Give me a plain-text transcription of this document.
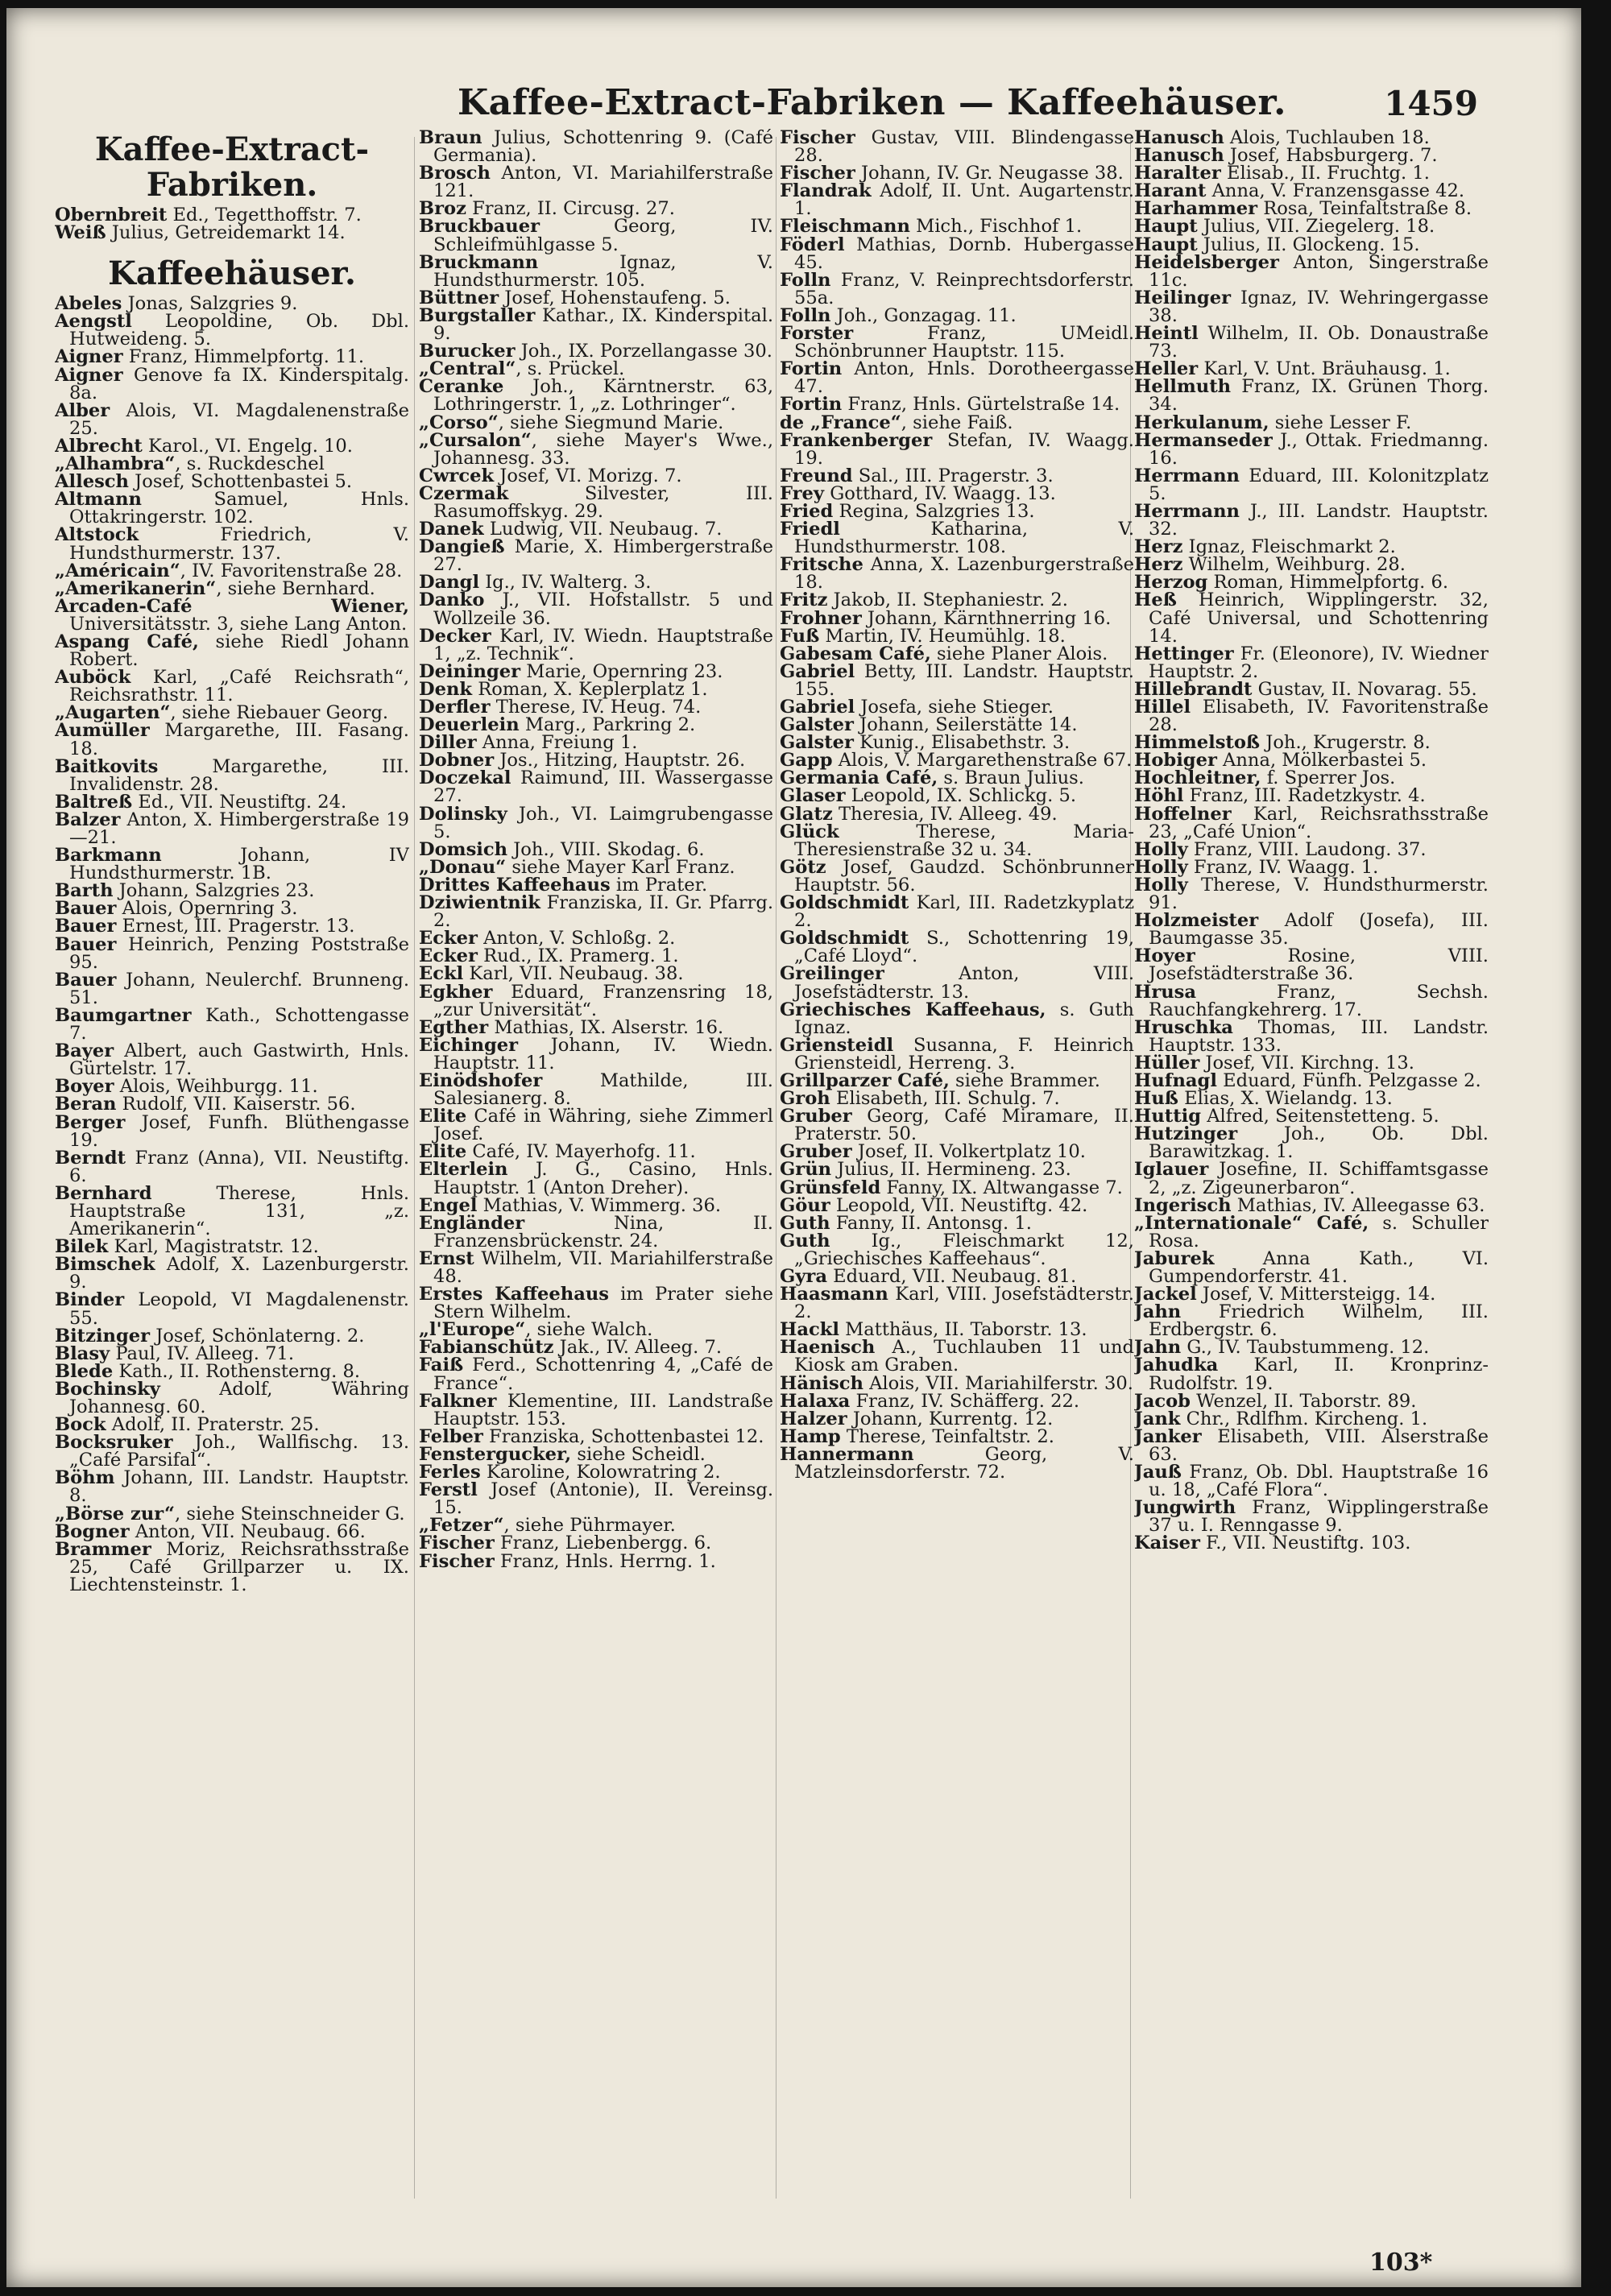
Kaffee-Extract-Fabriken — Kaffeehäuser.	1459
Kaffee-Extract-Fabriken.

Obernbreit Ed., Tegetthoffstr. 7.

Weiß Julius, Getreidemarkt 14.

Kaffeehäuser.

Abeles Jonas, Salzgries 9.

Aengstl Leopoldine, Ob. Dbl. Hutweideng. 5.

Aigner Franz, Himmelpfortg. 11.

Aigner Genove fa IX. Kinderspitalg. 8a.

Alber Alois, VI. Magdalenenstraße 25.

Albrecht Karol., VI. Engelg. 10.

„Alhambra“, s. Ruckdeschel

Allesch Josef, Schottenbastei 5.

Altmann Samuel, Hnls. Ottakringerstr. 102.

Altstock Friedrich, V. Hundsthurmerstr. 137.

„Américain“, IV. Favoritenstraße 28.

„Amerikanerin“, siehe Bernhard.

Arcaden-Café Wiener, Universitätsstr. 3, siehe Lang Anton.

Aspang Café, siehe Riedl Johann Robert.

Auböck Karl, „Café Reichsrath“, Reichsrathstr. 11.

„Augarten“, siehe Riebauer Georg.

Aumüller Margarethe, III. Fasang. 18.

Baitkovits Margarethe, III. Invalidenstr. 28.

Baltreß Ed., VII. Neustiftg. 24.

Balzer Anton, X. Himbergerstraße 19—21.

Barkmann Johann, IV Hundsthurmerstr. 1B.

Barth Johann, Salzgries 23.

Bauer Alois, Opernring 3.

Bauer Ernest, III. Pragerstr. 13.

Bauer Heinrich, Penzing Poststraße 95.

Bauer Johann, Neulerchf. Brunneng. 51.

Baumgartner Kath., Schottengasse 7.

Bayer Albert, auch Gastwirth, Hnls. Gürtelstr. 17.

Boyer Alois, Weihburgg. 11.

Beran Rudolf, VII. Kaiserstr. 56.

Berger Josef, Funfh. Blüthengasse 19.

Berndt Franz (Anna), VII. Neustiftg. 6.

Bernhard Therese, Hnls. Hauptstraße 131, „z. Amerikanerin“.

Bilek Karl, Magistratstr. 12.

Bimschek Adolf, X. Lazenburgerstr. 9.

Binder Leopold, VI Magdalenenstr. 55.

Bitzinger Josef, Schönlaterng. 2.

Blasy Paul, IV. Alleeg. 71.

Blede Kath., II. Rothensterng. 8.

Bochinsky Adolf, Währing Johannesg. 60.

Bock Adolf, II. Praterstr. 25.

Bocksruker Joh., Wallfischg. 13. „Café Parsifal“.

Böhm Johann, III. Landstr. Hauptstr. 8.

„Börse zur“, siehe Steinschneider G.

Bogner Anton, VII. Neubaug. 66.

Brammer Moriz, Reichsrathsstraße 25, Café Grillparzer u. IX. Liechtensteinstr. 1.

Braun Julius, Schottenring 9. (Café Germania).

Brosch Anton, VI. Mariahilferstraße 121.

Broz Franz, II. Circusg. 27.

Bruckbauer Georg, IV. Schleifmühlgasse 5.

Bruckmann Ignaz, V. Hundsthurmerstr. 105.

Büttner Josef, Hohenstaufeng. 5.

Burgstaller Kathar., IX. Kinderspital. 9.

Burucker Joh., IX. Porzellangasse 30.

„Central“, s. Prückel.

Ceranke Joh., Kärntnerstr. 63, Lothringerstr. 1, „z. Lothringer“.

„Corso“, siehe Siegmund Marie.

„Cursalon“, siehe Mayer's Wwe., Johannesg. 33.

Cwrcek Josef, VI. Morizg. 7.

Czermak Silvester, III. Rasumoffskyg. 29.

Danek Ludwig, VII. Neubaug. 7.

Dangieß Marie, X. Himbergerstraße 27.

Dangl Ig., IV. Walterg. 3.

Danko J., VII. Hofstallstr. 5 und Wollzeile 36.

Decker Karl, IV. Wiedn. Hauptstraße 1, „z. Technik“.

Deininger Marie, Opernring 23.

Denk Roman, X. Keplerplatz 1.

Derfler Therese, IV. Heug. 74.

Deuerlein Marg., Parkring 2.

Diller Anna, Freiung 1.

Dobner Jos., Hitzing, Hauptstr. 26.

Doczekal Raimund, III. Wassergasse 27.

Dolinsky Joh., VI. Laimgrubengasse 5.

Domsich Joh., VIII. Skodag. 6.

„Donau“ siehe Mayer Karl Franz.

Drittes Kaffeehaus im Prater.

Dziwientnik Franziska, II. Gr. Pfarrg. 2.

Ecker Anton, V. Schloßg. 2.

Ecker Rud., IX. Pramerg. 1.

Eckl Karl, VII. Neubaug. 38.

Egkher Eduard, Franzensring 18, „zur Universität“.

Egther Mathias, IX. Alserstr. 16.

Eichinger Johann, IV. Wiedn. Hauptstr. 11.

Einödshofer Mathilde, III. Salesianerg. 8.

Elite Café in Währing, siehe Zimmerl Josef.

Elite Café, IV. Mayerhofg. 11.

Elterlein J. G., Casino, Hnls. Hauptstr. 1 (Anton Dreher).

Engel Mathias, V. Wimmerg. 36.

Engländer Nina, II. Franzensbrückenstr. 24.

Ernst Wilhelm, VII. Mariahilferstraße 48.

Erstes Kaffeehaus im Prater siehe Stern Wilhelm.

„l'Europe“, siehe Walch.

Fabianschütz Jak., IV. Alleeg. 7.

Faiß Ferd., Schottenring 4, „Café de France“.

Falkner Klementine, III. Landstraße Hauptstr. 153.

Felber Franziska, Schottenbastei 12.

Fenstergucker, siehe Scheidl.

Ferles Karoline, Kolowratring 2.

Ferstl Josef (Antonie), II. Vereinsg. 15.

„Fetzer“, siehe Pührmayer.

Fischer Franz, Liebenbergg. 6.

Fischer Franz, Hnls. Herrng. 1.

Fischer Gustav, VIII. Blindengasse 28.

Fischer Johann, IV. Gr. Neugasse 38.

Flandrak Adolf, II. Unt. Augartenstr. 1.

Fleischmann Mich., Fischhof 1.

Föderl Mathias, Dornb. Hubergasse 45.

Folln Franz, V. Reinprechtsdorferstr. 55a.

Folln Joh., Gonzagag. 11.

Forster Franz, UMeidl. Schönbrunner Hauptstr. 115.

Fortin Anton, Hnls. Dorotheergasse 47.

Fortin Franz, Hnls. Gürtelstraße 14.

de „France“, siehe Faiß.

Frankenberger Stefan, IV. Waagg. 19.

Freund Sal., III. Pragerstr. 3.

Frey Gotthard, IV. Waagg. 13.

Fried Regina, Salzgries 13.

Friedl Katharina, V. Hundsthurmerstr. 108.

Fritsche Anna, X. Lazenburgerstraße 18.

Fritz Jakob, II. Stephaniestr. 2.

Frohner Johann, Kärnthnerring 16.

Fuß Martin, IV. Heumühlg. 18.

Gabesam Café, siehe Planer Alois.

Gabriel Betty, III. Landstr. Hauptstr. 155.

Gabriel Josefa, siehe Stieger.

Galster Johann, Seilerstätte 14.

Galster Kunig., Elisabethstr. 3.

Gapp Alois, V. Margarethenstraße 67.

Germania Café, s. Braun Julius.

Glaser Leopold, IX. Schlickg. 5.

Glatz Theresia, IV. Alleeg. 49.

Glück Therese, Maria-Theresienstraße 32 u. 34.

Götz Josef, Gaudzd. Schönbrunner Hauptstr. 56.

Goldschmidt Karl, III. Radetzkyplatz 2.

Goldschmidt S., Schottenring 19, „Café Lloyd“.

Greilinger Anton, VIII. Josefstädterstr. 13.

Griechisches Kaffeehaus, s. Guth Ignaz.

Griensteidl Susanna, F. Heinrich Griensteidl, Herreng. 3.

Grillparzer Café, siehe Brammer.

Groh Elisabeth, III. Schulg. 7.

Gruber Georg, Café Miramare, II. Praterstr. 50.

Gruber Josef, II. Volkertplatz 10.

Grün Julius, II. Hermineng. 23.

Grünsfeld Fanny, IX. Altwangasse 7.

Göur Leopold, VII. Neustiftg. 42.

Guth Fanny, II. Antonsg. 1.

Guth Ig., Fleischmarkt 12, „Griechisches Kaffeehaus“.

Gyra Eduard, VII. Neubaug. 81.

Haasmann Karl, VIII. Josefstädterstr. 2.

Hackl Matthäus, II. Taborstr. 13.

Haenisch A., Tuchlauben 11 und Kiosk am Graben.

Hänisch Alois, VII. Mariahilferstr. 30.

Halaxa Franz, IV. Schäfferg. 22.

Halzer Johann, Kurrentg. 12.

Hamp Therese, Teinfaltstr. 2.

Hannermann Georg, V. Matzleinsdorferstr. 72.

Hanusch Alois, Tuchlauben 18.

Hanusch Josef, Habsburgerg. 7.

Haralter Elisab., II. Fruchtg. 1.

Harant Anna, V. Franzensgasse 42.

Harhammer Rosa, Teinfaltstraße 8.

Haupt Julius, VII. Ziegelerg. 18.

Haupt Julius, II. Glockeng. 15.

Heidelsberger Anton, Singerstraße 11c.

Heilinger Ignaz, IV. Wehringergasse 38.

Heintl Wilhelm, II. Ob. Donaustraße 73.

Heller Karl, V. Unt. Bräuhausg. 1.

Hellmuth Franz, IX. Grünen Thorg. 34.

Herkulanum, siehe Lesser F.

Hermanseder J., Ottak. Friedmanng. 16.

Herrmann Eduard, III. Kolonitzplatz 5.

Herrmann J., III. Landstr. Hauptstr. 32.

Herz Ignaz, Fleischmarkt 2.

Herz Wilhelm, Weihburg. 28.

Herzog Roman, Himmelpfortg. 6.

Heß Heinrich, Wipplingerstr. 32, Café Universal, und Schottenring 14.

Hettinger Fr. (Eleonore), IV. Wiedner Hauptstr. 2.

Hillebrandt Gustav, II. Novarag. 55.

Hillel Elisabeth, IV. Favoritenstraße 28.

Himmelstoß Joh., Krugerstr. 8.

Hobiger Anna, Mölkerbastei 5.

Hochleitner, f. Sperrer Jos.

Höhl Franz, III. Radetzkystr. 4.

Hoffelner Karl, Reichsrathsstraße 23, „Café Union“.

Holly Franz, VIII. Laudong. 37.

Holly Franz, IV. Waagg. 1.

Holly Therese, V. Hundsthurmerstr. 91.

Holzmeister Adolf (Josefa), III. Baumgasse 35.

Hoyer Rosine, VIII. Josefstädterstraße 36.

Hrusa Franz, Sechsh. Rauchfangkehrerg. 17.

Hruschka Thomas, III. Landstr. Hauptstr. 133.

Hüller Josef, VII. Kirchng. 13.

Hufnagl Eduard, Fünfh. Pelzgasse 2.

Huß Elias, X. Wielandg. 13.

Huttig Alfred, Seitenstetteng. 5.

Hutzinger Joh., Ob. Dbl. Barawitzkag. 1.

Iglauer Josefine, II. Schiffamtsgasse 2, „z. Zigeunerbaron“.

Ingerisch Mathias, IV. Alleegasse 63.

„Internationale“ Café, s. Schuller Rosa.

Jaburek Anna Kath., VI. Gumpendorferstr. 41.

Jackel Josef, V. Mittersteigg. 14.

Jahn Friedrich Wilhelm, III. Erdbergstr. 6.

Jahn G., IV. Taubstummeng. 12.

Jahudka Karl, II. Kronprinz-Rudolfstr. 19.

Jacob Wenzel, II. Taborstr. 89.

Jank Chr., Rdlfhm. Kircheng. 1.

Janker Elisabeth, VIII. Alserstraße 63.

Jauß Franz, Ob. Dbl. Hauptstraße 16 u. 18, „Café Flora“.

Jungwirth Franz, Wipplingerstraße 37 u. I. Renngasse 9.

Kaiser F., VII. Neustiftg. 103.

103*
